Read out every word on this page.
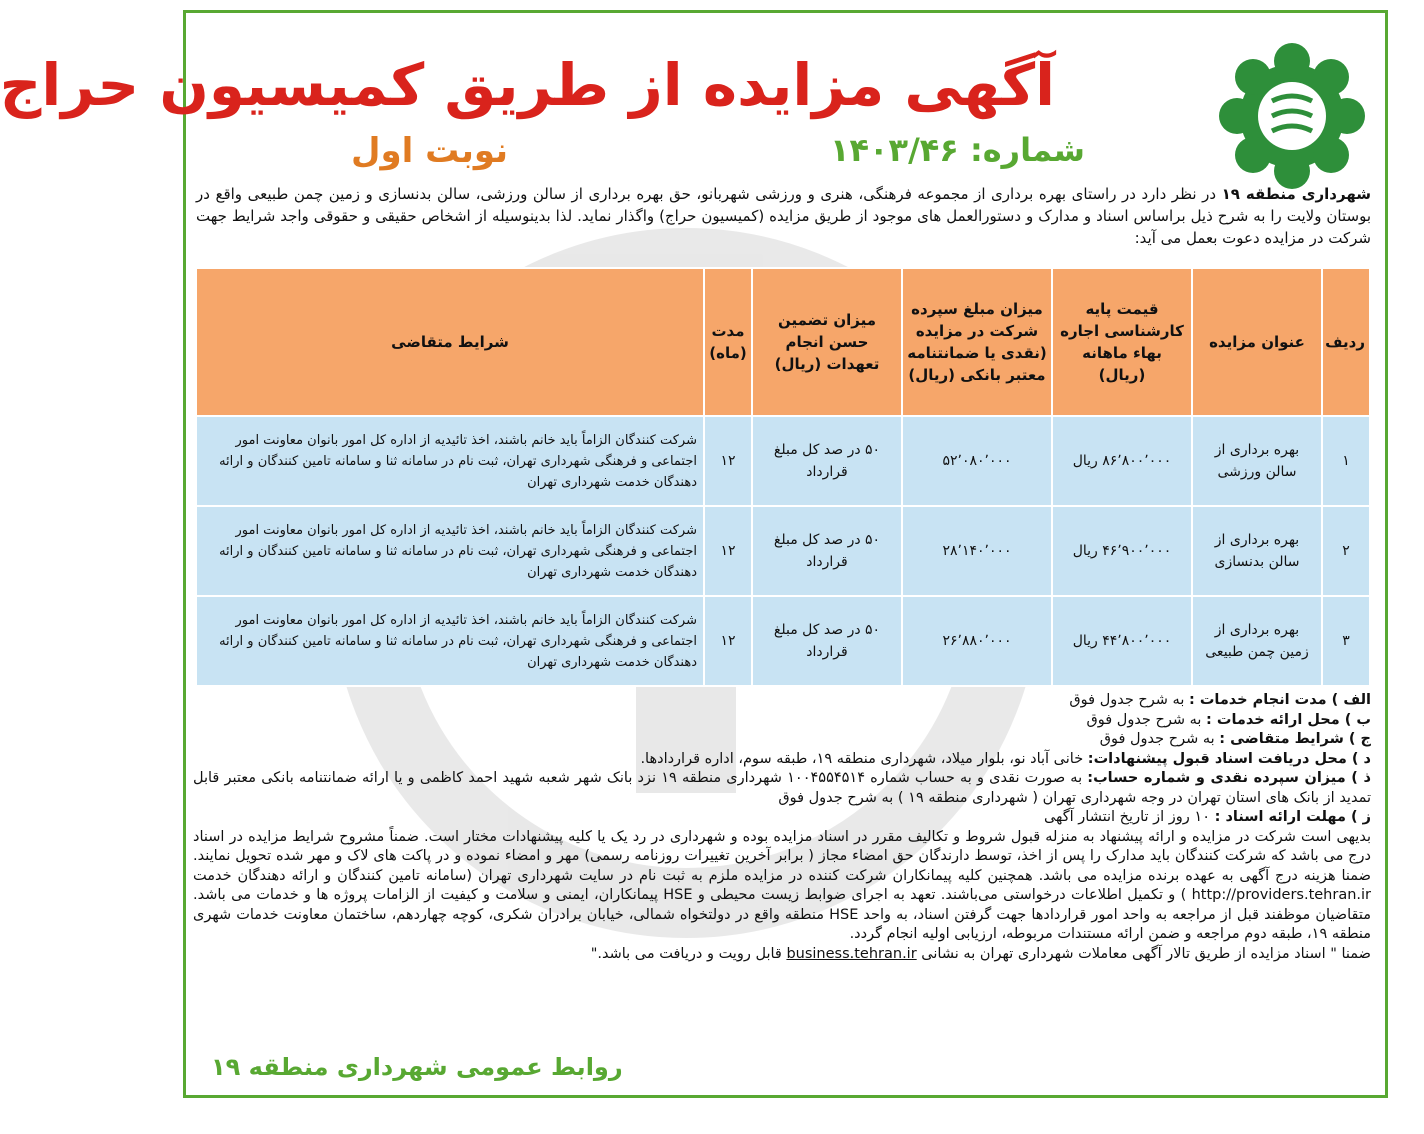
آگهی مزایده از طریق کمیسیون حراج
شماره: ۱۴۰۳/۴۶
نوبت اول

شهرداری منطقه ۱۹ در نظر دارد در راستای بهره برداری از مجموعه فرهنگی، هنری و ورزشی شهربانو، حق بهره برداری از سالن ورزشی، سالن بدنسازی و زمین چمن طبیعی واقع در بوستان ولایت را به شرح ذیل براساس اسناد و مدارک و دستورالعمل های موجود از طریق مزایده (کمیسیون حراج) واگذار نماید. لذا بدینوسیله از اشخاص حقیقی و حقوقی واجد شرایط جهت شرکت در مزایده دعوت بعمل می آید:

ردیف	عنوان مزایده	قیمت پایه کارشناسی اجاره بهاء ماهانه (ریال)	میزان مبلغ سپرده شرکت در مزایده (نقدی یا ضمانتنامه معتبر بانکی (ریال)	میزان تضمین حسن انجام تعهدات (ریال)	مدت (ماه)	شرایط متقاضی
۱	بهره برداری از سالن ورزشی	۸۶٬۸۰۰٬۰۰۰ ریال	۵۲٬۰۸۰٬۰۰۰	۵۰ در صد کل مبلغ قرارداد	۱۲	شرکت کنندگان الزاماً باید خانم باشند، اخذ تائیدیه از اداره کل امور بانوان معاونت امور اجتماعی و فرهنگی شهرداری تهران، ثبت نام در سامانه ثنا و سامانه تامین کنندگان و ارائه دهندگان خدمت شهرداری تهران
۲	بهره برداری از سالن بدنسازی	۴۶٬۹۰۰٬۰۰۰ ریال	۲۸٬۱۴۰٬۰۰۰	۵۰ در صد کل مبلغ قرارداد	۱۲	شرکت کنندگان الزاماً باید خانم باشند، اخذ تائیدیه از اداره کل امور بانوان معاونت امور اجتماعی و فرهنگی شهرداری تهران، ثبت نام در سامانه ثنا و سامانه تامین کنندگان و ارائه دهندگان خدمت شهرداری تهران
۳	بهره برداری از زمین چمن طبیعی	۴۴٬۸۰۰٬۰۰۰ ریال	۲۶٬۸۸۰٬۰۰۰	۵۰ در صد کل مبلغ قرارداد	۱۲	شرکت کنندگان الزاماً باید خانم باشند، اخذ تائیدیه از اداره کل امور بانوان معاونت امور اجتماعی و فرهنگی شهرداری تهران، ثبت نام در سامانه ثنا و سامانه تامین کنندگان و ارائه دهندگان خدمت شهرداری تهران
الف ) مدت انجام خدمات : به شرح جدول فوق
ب ) محل ارائه خدمات : به شرح جدول فوق
ج ) شرایط متقاضی : به شرح جدول فوق
د ) محل دریافت اسناد قبول پیشنهادات: خانی آباد نو، بلوار میلاد، شهرداری منطقه ۱۹، طبقه سوم، اداره قراردادها.
ذ ) میزان سپرده نقدی و شماره حساب: به صورت نقدی و به حساب شماره ۱۰۰۴۵۵۴۵۱۴ شهرداری منطقه ۱۹ نزد بانک شهر شعبه شهید احمد کاظمی و یا ارائه ضمانتنامه بانکی معتبر قابل تمدید از بانک های استان تهران در وجه شهرداری تهران ( شهرداری منطقه ۱۹ ) به شرح جدول فوق
ز ) مهلت ارائه اسناد : ۱۰ روز از تاریخ انتشار آگهی
بدیهی است شرکت در مزایده و ارائه پیشنهاد به منزله قبول شروط و تکالیف مقرر در اسناد مزایده بوده و شهرداری در رد یک یا کلیه پیشنهادات مختار است. ضمناً مشروح شرایط مزایده در اسناد درج می باشد که شرکت کنندگان باید مدارک را پس از اخذ، توسط دارندگان حق امضاء مجاز ( برابر آخرین تغییرات روزنامه رسمی) مهر و امضاء نموده و در پاکت های لاک و مهر شده تحویل نمایند. ضمنا هزینه درج آگهی به عهده برنده مزایده می باشد. همچنین کلیه پیمانکاران شرکت کننده در مزایده ملزم به ثبت نام در سایت شهرداری تهران (سامانه تامین کنندگان و ارائه دهندگان خدمت http://providers.tehran.ir ) و تکمیل اطلاعات درخواستی می‌باشند. تعهد به اجرای ضوابط زیست محیطی و HSE پیمانکاران، ایمنی و سلامت و کیفیت از الزامات پروژه ها و خدمات می باشد. متقاضیان موظفند قبل از مراجعه به واحد امور قراردادها جهت گرفتن اسناد، به واحد HSE منطقه واقع در دولتخواه شمالی، خیابان برادران شکری، کوچه چهاردهم، ساختمان معاونت خدمات شهری منطقه ۱۹، طبقه دوم مراجعه و ضمن ارائه مستندات مربوطه، ارزیابی اولیه انجام گردد.
ضمنا " اسناد مزایده از طریق تالار آگهی معاملات شهرداری تهران به نشانی business.tehran.ir قابل رویت و دریافت می باشد."
روابط عمومی شهرداری منطقه ۱۹
